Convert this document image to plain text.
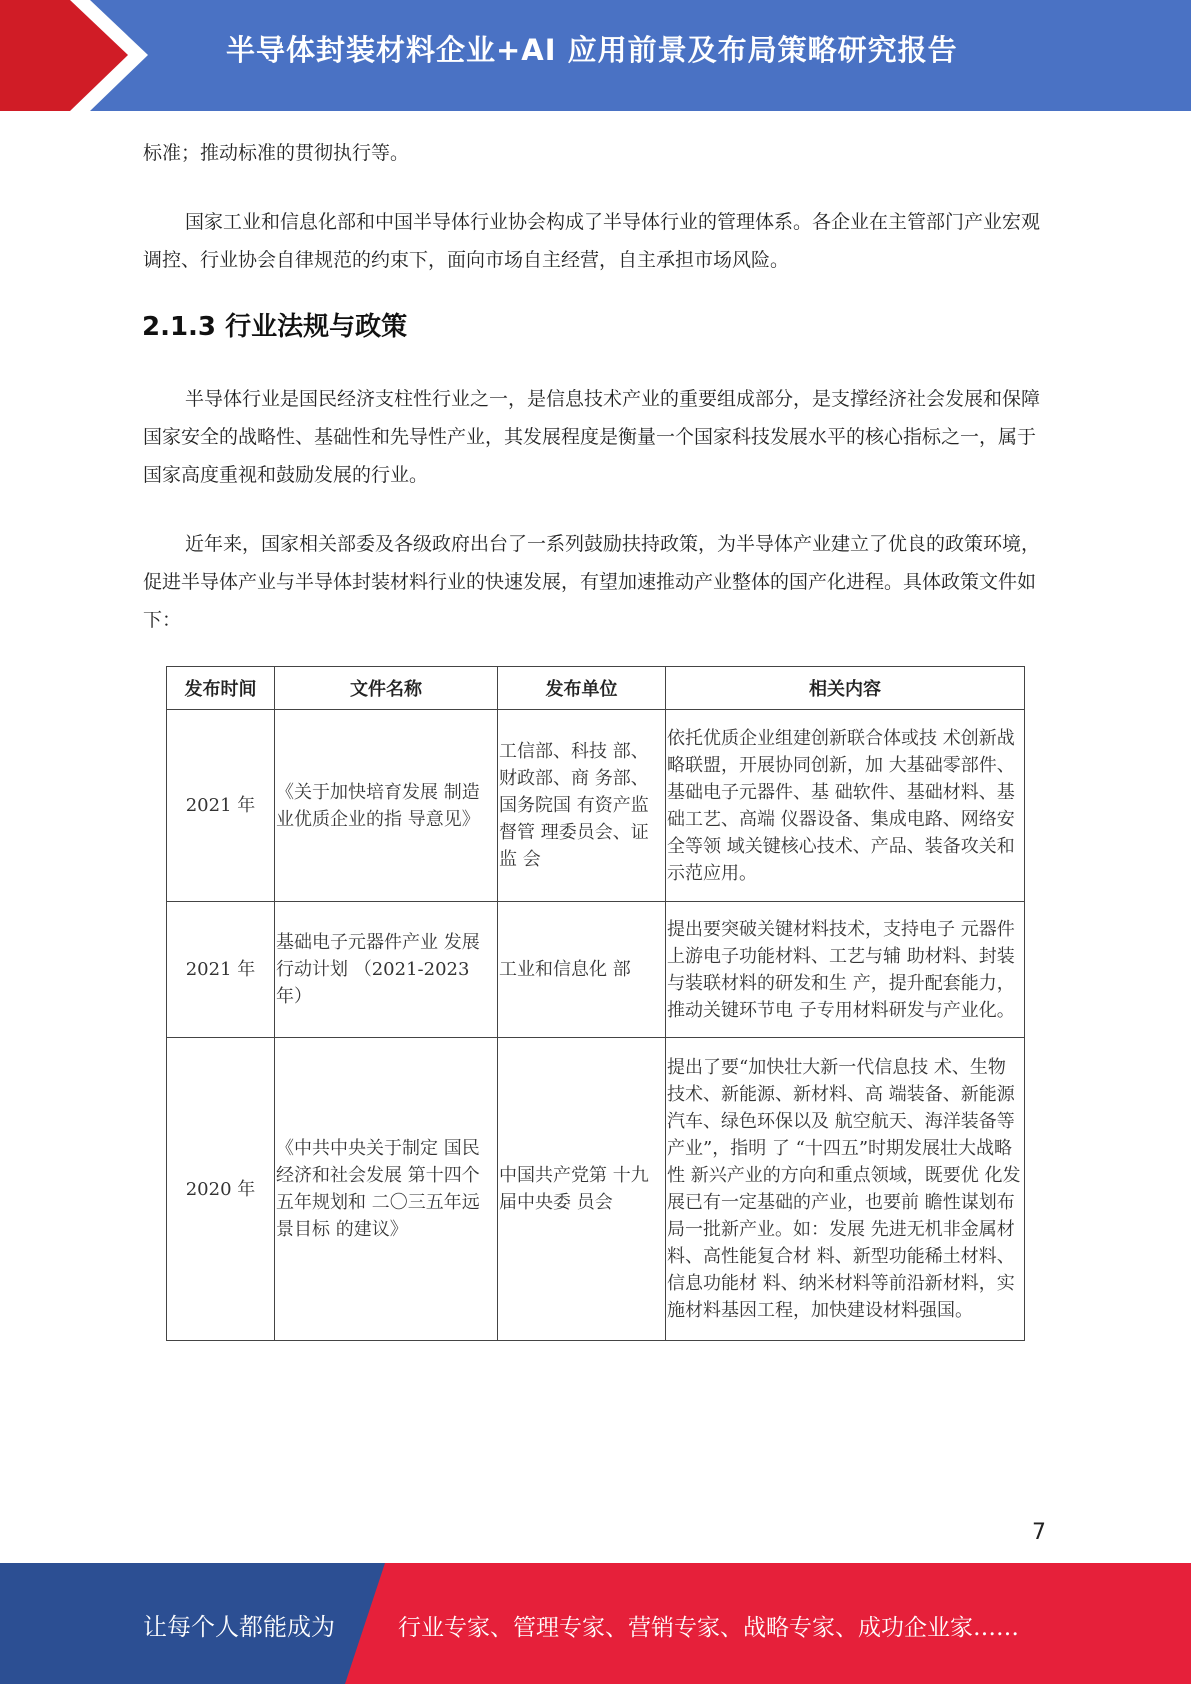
半导体封装材料企业+AI 应用前景及布局策略研究报告
标准；推动标准的贯彻执行等。
国家工业和信息化部和中国半导体行业协会构成了半导体行业的管理体系。各企业在主管部门产业宏观调控、行业协会自律规范的约束下，面向市场自主经营，自主承担市场风险。
2.1.3 行业法规与政策
半导体行业是国民经济支柱性行业之一，是信息技术产业的重要组成部分，是支撑经济社会发展和保障国家安全的战略性、基础性和先导性产业，其发展程度是衡量一个国家科技发展水平的核心指标之一，属于国家高度重视和鼓励发展的行业。
近年来，国家相关部委及各级政府出台了一系列鼓励扶持政策，为半导体产业建立了优良的政策环境，促进半导体产业与半导体封装材料行业的快速发展，有望加速推动产业整体的国产化进程。具体政策文件如下：
发布时间	文件名称	发布单位	相关内容
2021 年	《关于加快培育发展 制造业优质企业的指 导意见》	工信部、科技 部、财政部、商 务部、国务院国 有资产监督管 理委员会、证监 会	依托优质企业组建创新联合体或技 术创新战略联盟，开展协同创新，加 大基础零部件、基础电子元器件、基 础软件、基础材料、基础工艺、高端 仪器设备、集成电路、网络安全等领 域关键核心技术、产品、装备攻关和 示范应用。
2021 年	基础电子元器件产业 发展行动计划 （2021-2023 年）	工业和信息化 部	提出要突破关键材料技术，支持电子 元器件上游电子功能材料、工艺与辅 助材料、封装与装联材料的研发和生 产，提升配套能力，推动关键环节电 子专用材料研发与产业化。
2020 年	《中共中央关于制定 国民经济和社会发展 第十四个五年规划和 二〇三五年远景目标 的建议》	中国共产党第 十九届中央委 员会	提出了要“加快壮大新一代信息技 术、生物技术、新能源、新材料、高 端装备、新能源汽车、绿色环保以及 航空航天、海洋装备等产业”，指明 了 “十四五”时期发展壮大战略性 新兴产业的方向和重点领域，既要优 化发展已有一定基础的产业，也要前 瞻性谋划布局一批新产业。如：发展 先进无机非金属材料、高性能复合材 料、新型功能稀土材料、信息功能材 料、纳米材料等前沿新材料，实施材料基因工程，加快建设材料强国。
7
让每个人都能成为	行业专家、管理专家、营销专家、战略专家、成功企业家……
